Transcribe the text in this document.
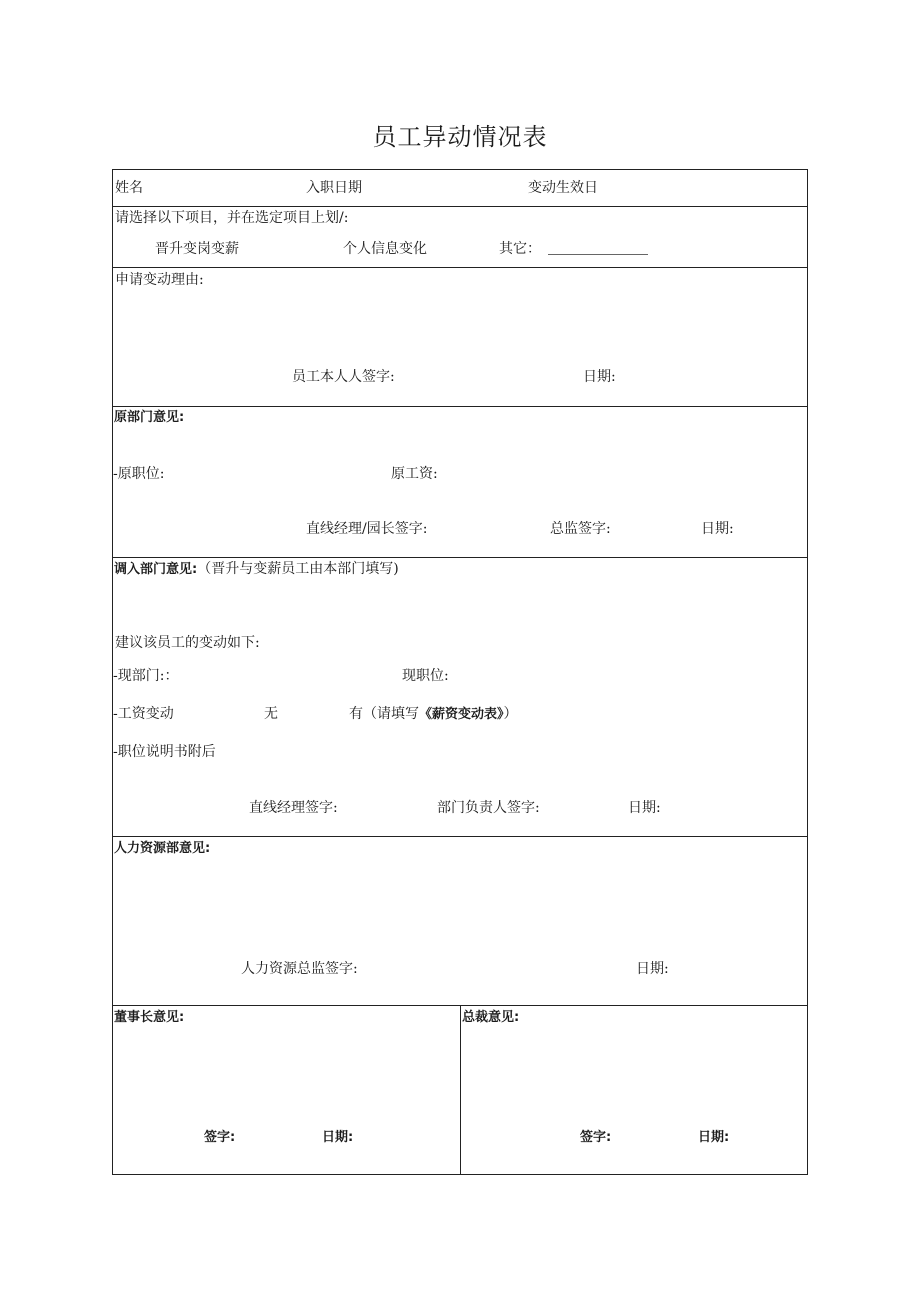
员工异动情况表
姓名	入职日期	变动生效日
请选择以下项目，并在选定项目上划/:
晋升变岗变薪	个人信息变化	其它：
申请变动理由:
员工本人人签字:	日期:
原部门意见:
-原职位:	原工资:
直线经理/园长签字:	总监签字:	日期:
调入部门意见:（晋升与变薪员工由本部门填写)
建议该员工的变动如下:
-现部门:：	现职位:
-工资变动	无	有（请填写《薪资变动表》）
-职位说明书附后
直线经理签字:	部门负责人签字:	日期:
人力资源部意见:
人力资源总监签字:	日期:
董事长意见:
签字:	日期:
总裁意见:
签字:	日期:
